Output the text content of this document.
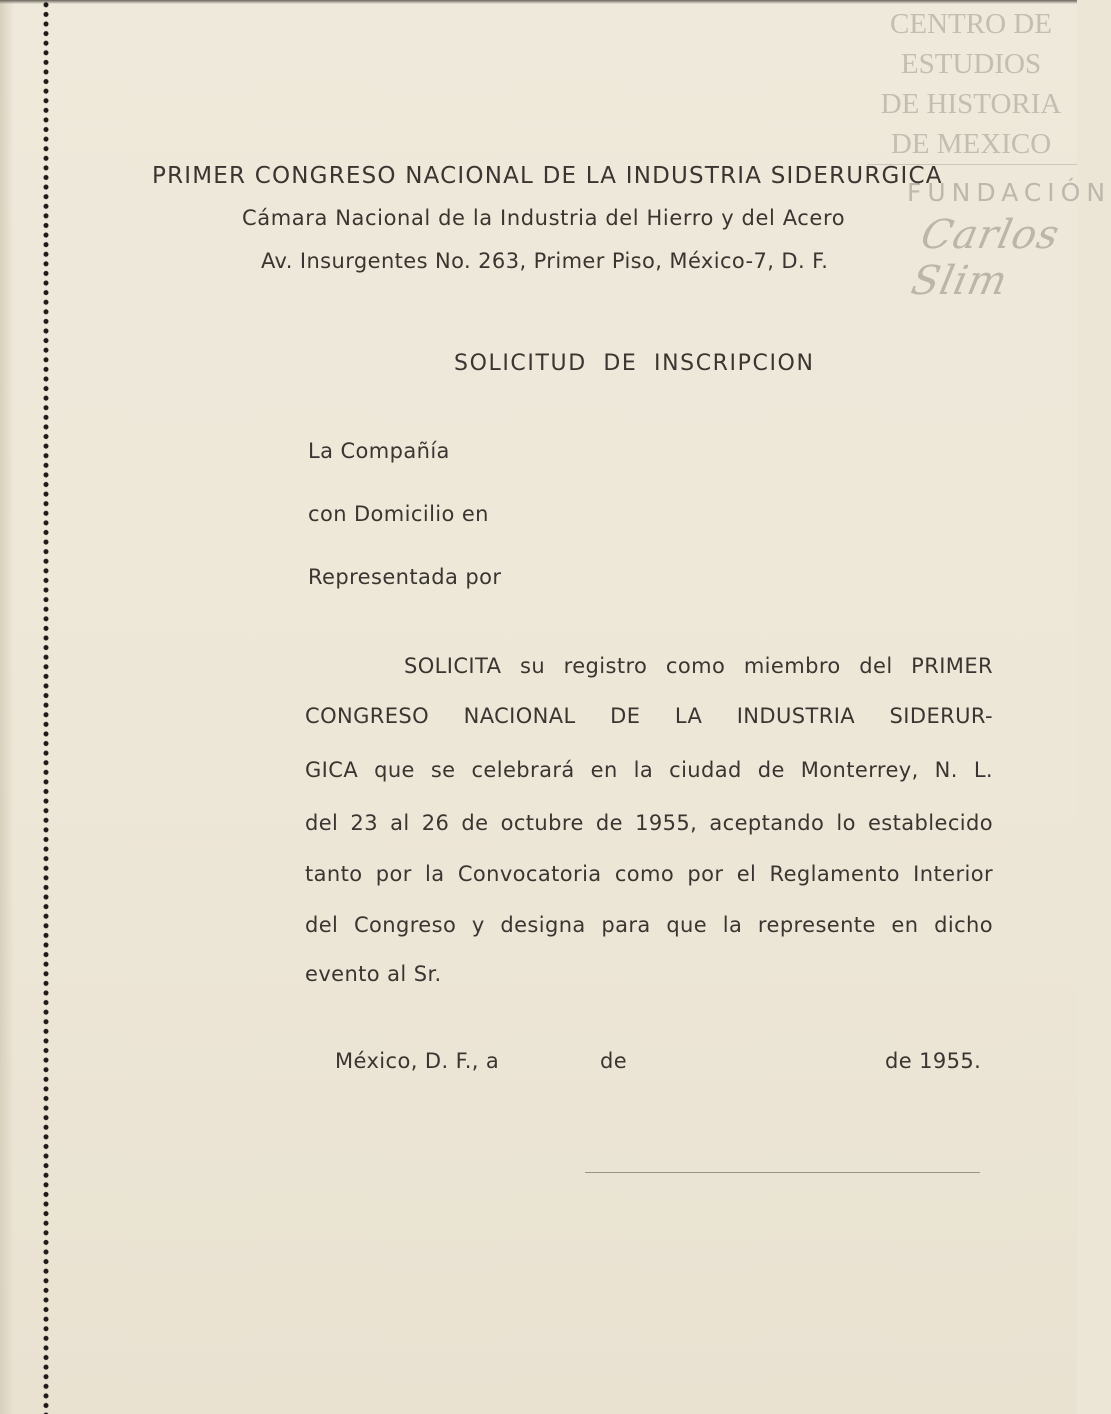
CENTRO DE
ESTUDIOS
DE HISTORIA
DE MEXICO
FUNDACIÓN
Carlos Slim
PRIMER CONGRESO NACIONAL DE LA INDUSTRIA SIDERURGICA
Cámara Nacional de la Industria del Hierro y del Acero
Av. Insurgentes No. 263, Primer Piso, México-7, D. F.
SOLICITUD DE INSCRIPCION
La Compañía
con Domicilio en
Representada por
SOLICITA su registro como miembro del PRIMER
CONGRESO NACIONAL DE LA INDUSTRIA SIDERUR-
GICA que se celebrará en la ciudad de Monterrey, N. L.
del 23 al 26 de octubre de 1955, aceptando lo establecido
tanto por la Convocatoria como por el Reglamento Interior
del Congreso y designa para que la represente en dicho
evento al Sr.
México, D. F., a	de	de 1955.
